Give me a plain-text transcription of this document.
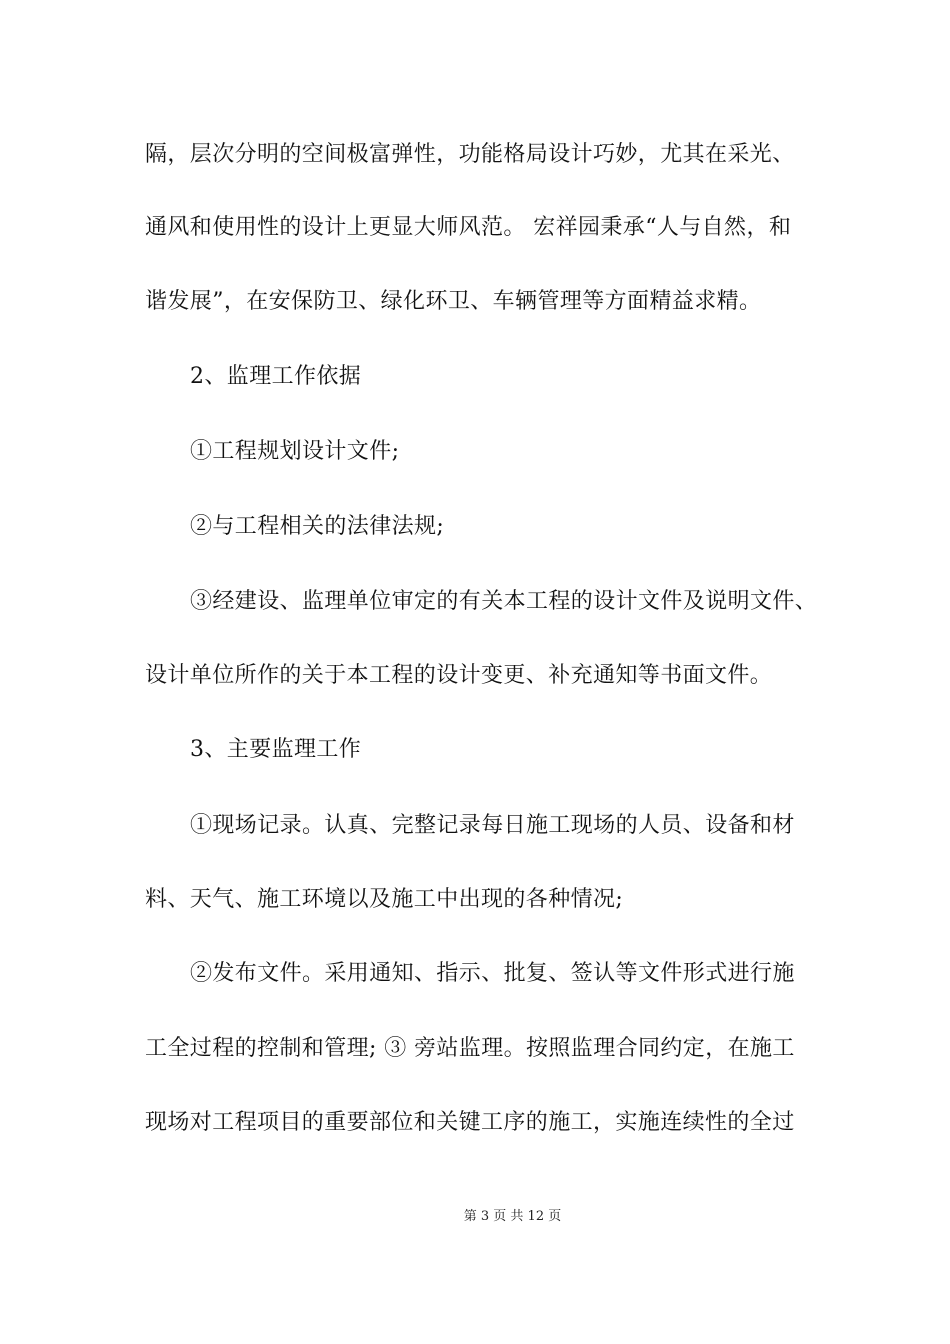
隔，层次分明的空间极富弹性，功能格局设计巧妙，尤其在采光、
通风和使用性的设计上更显大师风范。 宏祥园秉承“人与自然，和
谐发展”，在安保防卫、绿化环卫、车辆管理等方面精益求精。
2、监理工作依据
①工程规划设计文件;
②与工程相关的法律法规;
③经建设、监理单位审定的有关本工程的设计文件及说明文件、
设计单位所作的关于本工程的设计变更、补充通知等书面文件。
3、主要监理工作
①现场记录。认真、完整记录每日施工现场的人员、设备和材
料、天气、施工环境以及施工中出现的各种情况;
②发布文件。采用通知、指示、批复、签认等文件形式进行施
工全过程的控制和管理; ③ 旁站监理。按照监理合同约定，在施工
现场对工程项目的重要部位和关键工序的施工，实施连续性的全过
第 3 页 共 12 页
